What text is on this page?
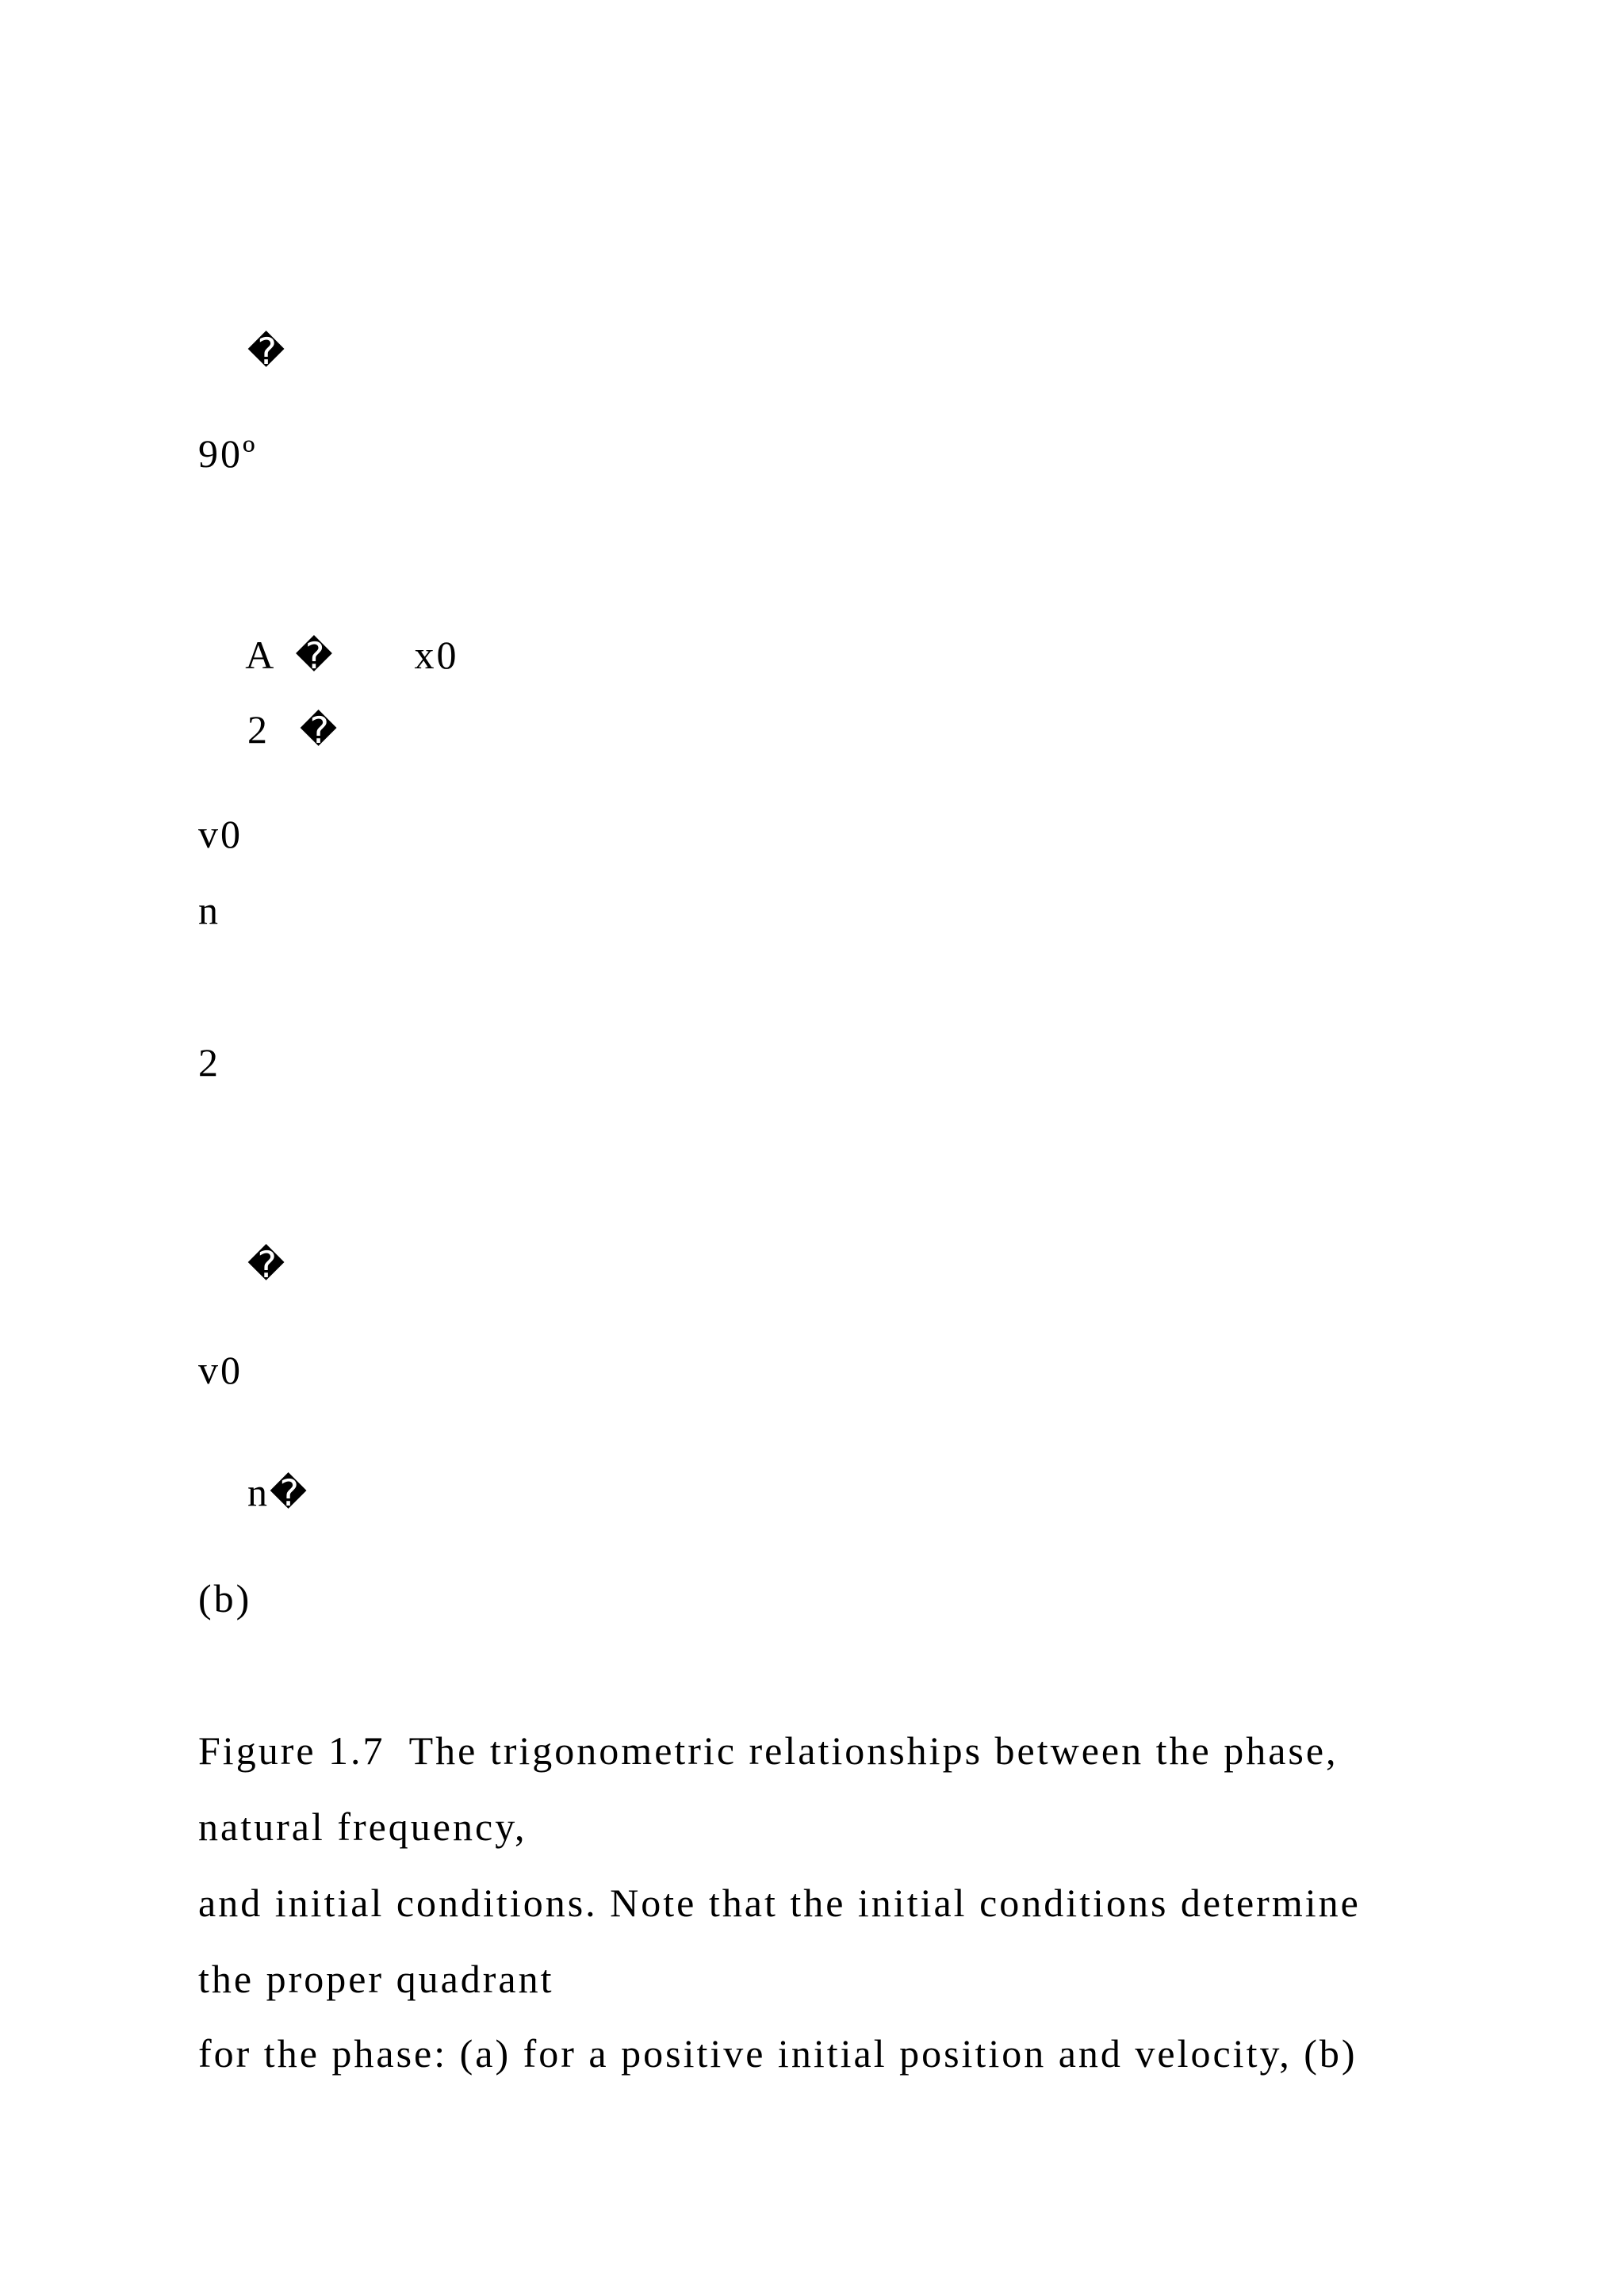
�

90º

A � x0

2 �

v0
n
2

�

v0

n�

(b)
Figure 1.7  The trigonometric relationships between the phase,
natural frequency,
and initial conditions. Note that the initial conditions determine
the proper quadrant
for the phase: (a) for a positive initial position and velocity, (b)
